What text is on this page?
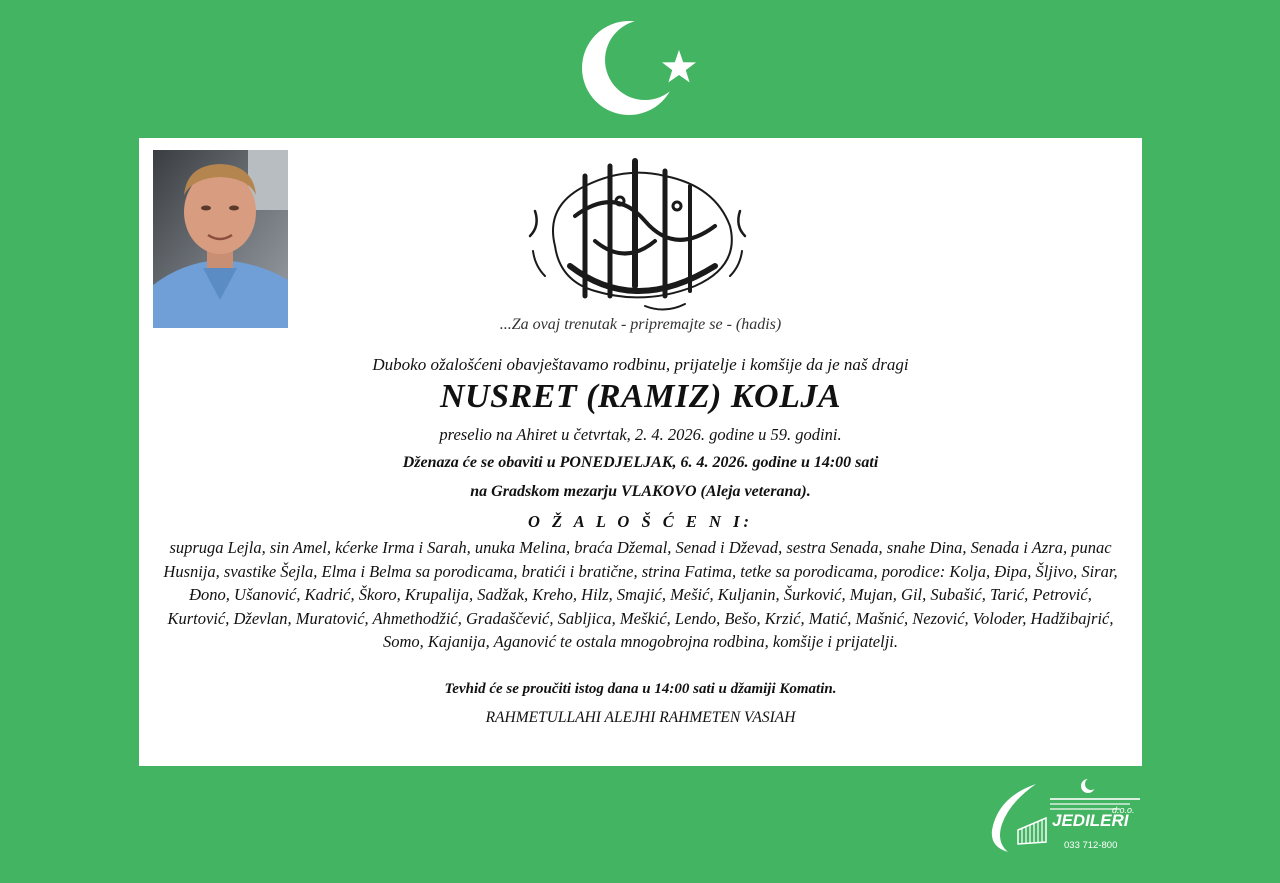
...Za ovaj trenutak - pripremajte se - (hadis)
Duboko ožalošćeni obavještavamo rodbinu, prijatelje i komšije da je naš dragi
NUSRET (RAMIZ) KOLJA
preselio na Ahiret u četvrtak, 2. 4. 2026. godine u 59. godini.
Dženaza će se obaviti u PONEDJELJAK, 6. 4. 2026. godine u 14:00 sati
na Gradskom mezarju VLAKOVO (Aleja veterana).
O Ž A L O Š Ć E N I:
supruga Lejla, sin Amel, kćerke Irma i Sarah, unuka Melina, braća Džemal, Senad i Dževad, sestra Senada, snahe Dina, Senada i Azra, punac Husnija, svastike Šejla, Elma i Belma sa porodicama, bratići i bratične, strina Fatima, tetke sa porodicama, porodice: Kolja, Đipa, Šljivo, Sirar, Đono, Ušanović, Kadrić, Škoro, Krupalija, Sadžak, Kreho, Hilz, Smajić, Mešić, Kuljanin, Šurković, Mujan, Gil, Subašić, Tarić, Petrović, Kurtović, Dževlan, Muratović, Ahmethodžić, Gradaščević, Sabljica, Meškić, Lendo, Bešo, Krzić, Matić, Mašnić, Nezović, Voloder, Hadžibajrić, Somo, Kajanija, Aganović te ostala mnogobrojna rodbina, komšije i prijatelji.
Tevhid će se proučiti istog dana u 14:00 sati u džamiji Komatin.
RAHMETULLAHI ALEJHI RAHMETEN VASIAH
JEDILERI
d.o.o.
033 712-800
